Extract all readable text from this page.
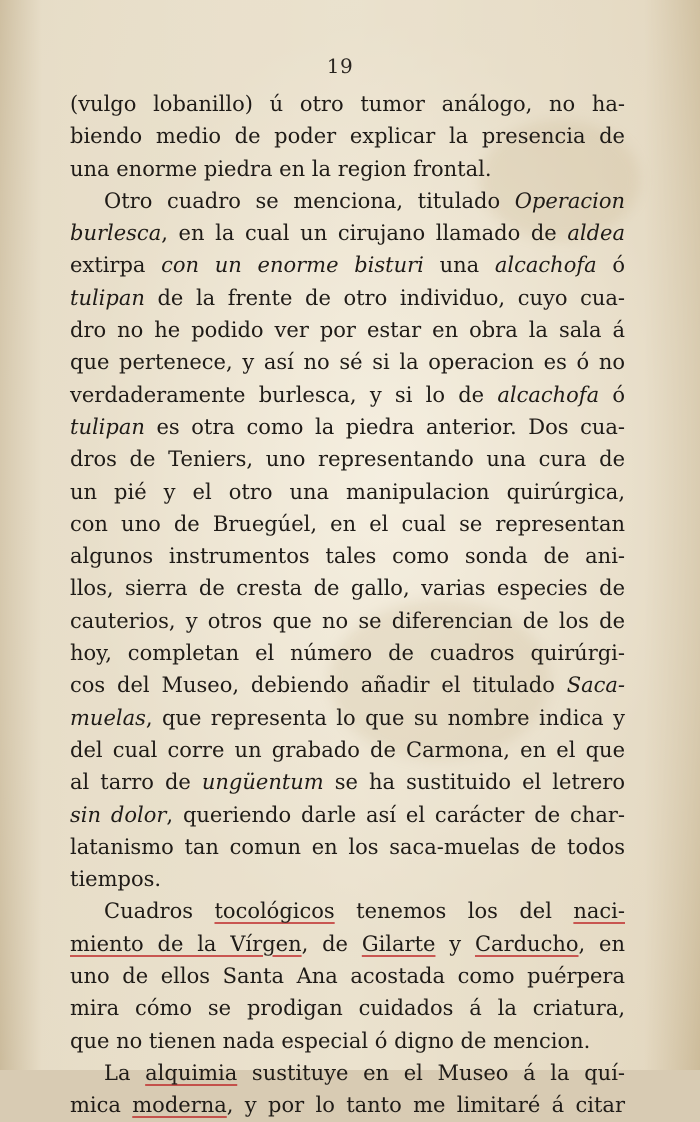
19
(vulgo lobanillo) ú otro tumor análogo, no ha-
biendo medio de poder explicar la presencia de
una enorme piedra en la region frontal.
Otro cuadro se menciona, titulado Operacion
burlesca, en la cual un cirujano llamado de aldea
extirpa con un enorme bisturi una alcachofa ó
tulipan de la frente de otro individuo, cuyo cua-
dro no he podido ver por estar en obra la sala á
que pertenece, y así no sé si la operacion es ó no
verdaderamente burlesca, y si lo de alcachofa ó
tulipan es otra como la piedra anterior. Dos cua-
dros de Teniers, uno representando una cura de
un pié y el otro una manipulacion quirúrgica,
con uno de Bruegúel, en el cual se representan
algunos instrumentos tales como sonda de ani-
llos, sierra de cresta de gallo, varias especies de
cauterios, y otros que no se diferencian de los de
hoy, completan el número de cuadros quirúrgi-
cos del Museo, debiendo añadir el titulado Saca-
muelas, que representa lo que su nombre indica y
del cual corre un grabado de Carmona, en el que
al tarro de ungüentum se ha sustituido el letrero
sin dolor, queriendo darle así el carácter de char-
latanismo tan comun en los saca-muelas de todos
tiempos.
Cuadros tocológicos tenemos los del naci-
miento de la Vírgen, de Gilarte y Carducho, en
uno de ellos Santa Ana acostada como puérpera
mira cómo se prodigan cuidados á la criatura,
que no tienen nada especial ó digno de mencion.
La alquimia sustituye en el Museo á la quí-
mica moderna, y por lo tanto me limitaré á citar
